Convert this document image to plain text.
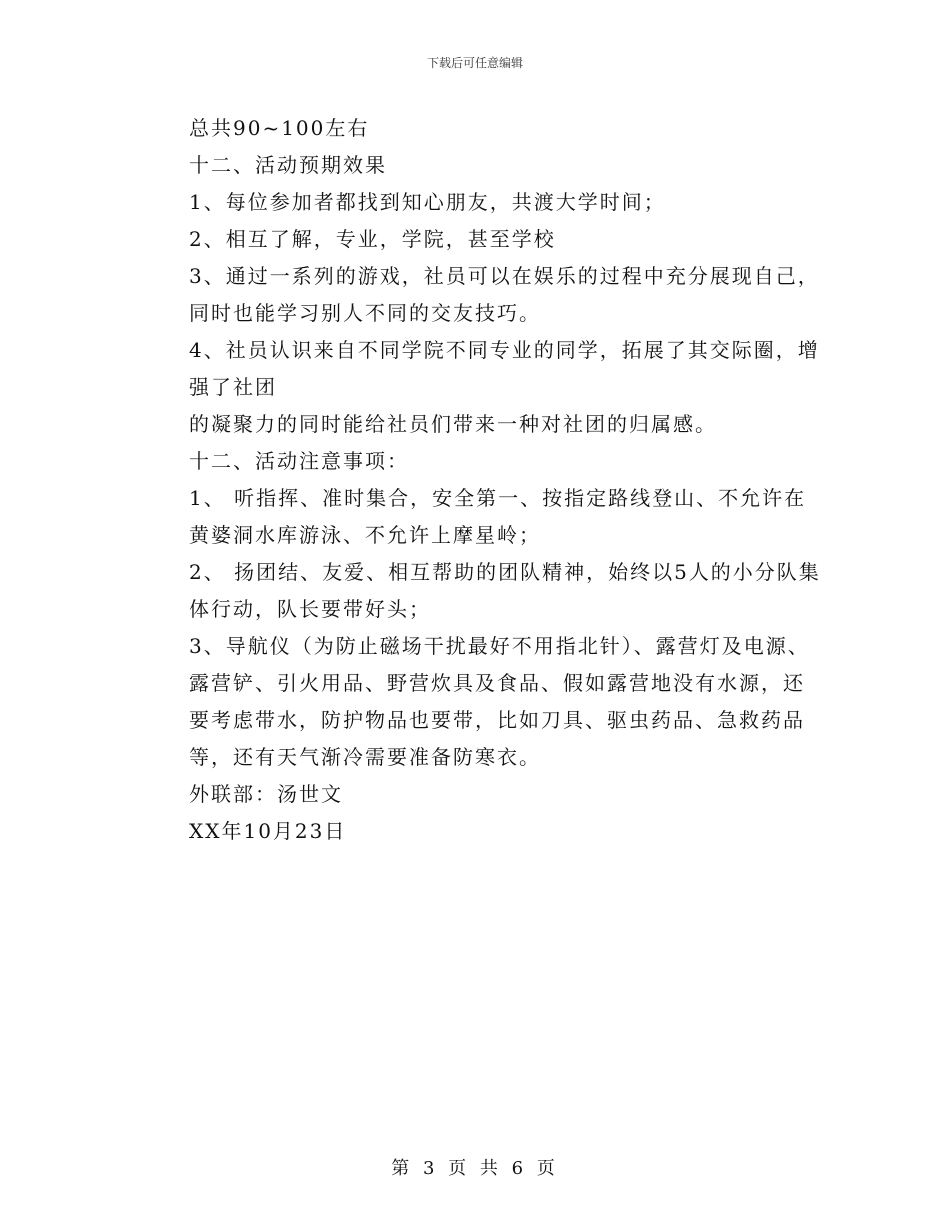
下载后可任意编辑

总共90~100左右

十二、活动预期效果

1、每位参加者都找到知心朋友，共渡大学时间；

2、相互了解，专业，学院，甚至学校

3、通过一系列的游戏，社员可以在娱乐的过程中充分展现自己，同时也能学习别人不同的交友技巧。

4、社员认识来自不同学院不同专业的同学，拓展了其交际圈，增强了社团

的凝聚力的同时能给社员们带来一种对社团的归属感。

十二、活动注意事项：

1、 听指挥、准时集合，安全第一、按指定路线登山、不允许在黄婆洞水库游泳、不允许上摩星岭；

2、 扬团结、友爱、相互帮助的团队精神，始终以5人的小分队集体行动，队长要带好头；

3、导航仪（为防止磁场干扰最好不用指北针）、露营灯及电源、露营铲、引火用品、野营炊具及食品、假如露营地没有水源，还要考虑带水，防护物品也要带，比如刀具、驱虫药品、急救药品等，还有天气渐冷需要准备防寒衣。

外联部：汤世文

XX年10月23日

第 3 页 共 6 页
